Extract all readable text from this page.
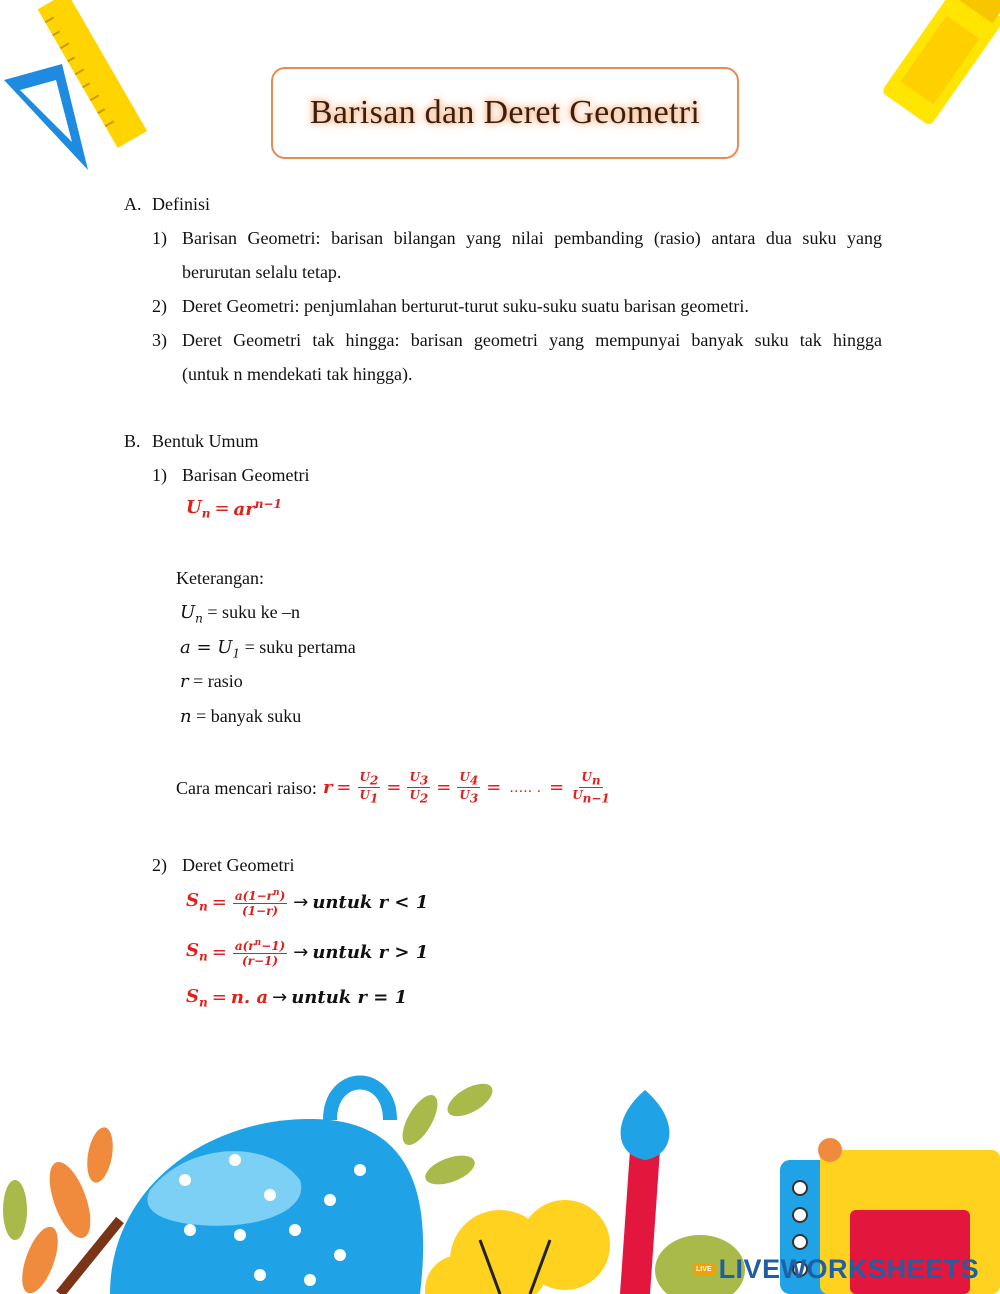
Barisan dan Deret Geometri
A. Definisi
1) Barisan Geometri: barisan bilangan yang nilai pembanding (rasio) antara dua suku yang
berurutan selalu tetap.
2) Deret Geometri: penjumlahan berturut-turut suku-suku suatu barisan geometri.
3) Deret Geometri tak hingga: barisan geometri yang mempunyai banyak suku tak hingga
(untuk n mendekati tak hingga).
B. Bentuk Umum
1) Barisan Geometri
$U_n = ar^{n-1}$
Keterangan:
$U_n$ = suku ke –n
$a = U_1$ = suku pertama
r = rasio
n = banyak suku
Cara mencari raiso: $r = \frac{U_2}{U_1} = \frac{U_3}{U_2} = \frac{U_4}{U_3}$ = ….. . = $\frac{U_n}{U_{n-1}}$
2) Deret Geometri
$S_n = \frac{a(1-r^n)}{(1-r)}$ → untuk r < 1
$S_n = \frac{a(r^n-1)}{(r-1)}$ → untuk r > 1
$S_n = n$. a → untuk r = 1
LIVE LIVEWORKSHEETS
